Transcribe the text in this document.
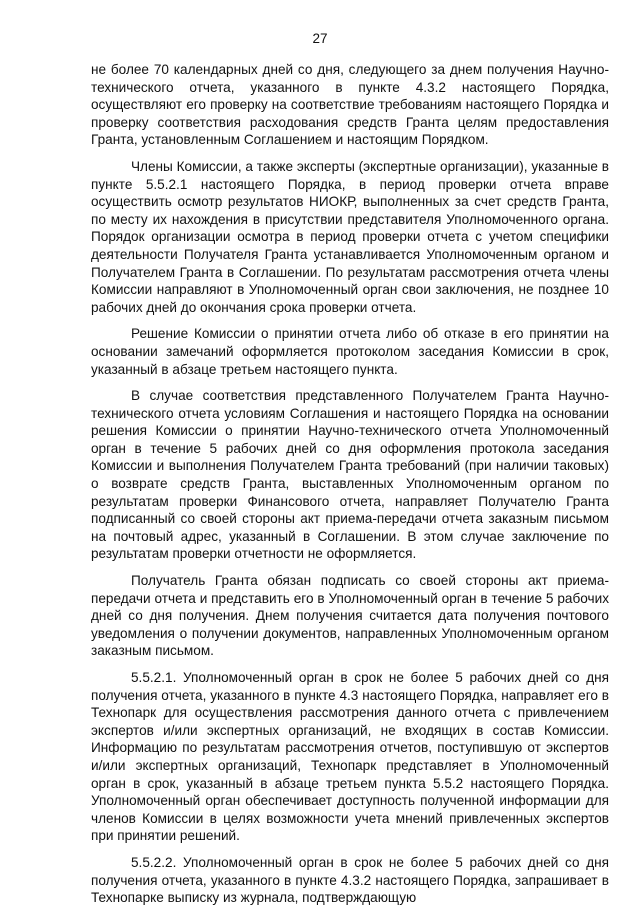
27

не более 70 календарных дней со дня, следующего за днем получения Научно-технического отчета, указанного в пункте 4.3.2 настоящего Порядка, осуществляют его проверку на соответствие требованиям настоящего Порядка и проверку соответствия расходования средств Гранта целям предоставления Гранта, установленным Соглашением и настоящим Порядком.

Члены Комиссии, а также эксперты (экспертные организации), указанные в пункте 5.5.2.1 настоящего Порядка, в период проверки отчета вправе осуществить осмотр результатов НИОКР, выполненных за счет средств Гранта, по месту их нахождения в присутствии представителя Уполномоченного органа. Порядок организации осмотра в период проверки отчета с учетом специфики деятельности Получателя Гранта устанавливается Уполномоченным органом и Получателем Гранта в Соглашении. По результатам рассмотрения отчета члены Комиссии направляют в Уполномоченный орган свои заключения, не позднее 10 рабочих дней до окончания срока проверки отчета.

Решение Комиссии о принятии отчета либо об отказе в его принятии на основании замечаний оформляется протоколом заседания Комиссии в срок, указанный в абзаце третьем настоящего пункта.

В случае соответствия представленного Получателем Гранта Научно-технического отчета условиям Соглашения и настоящего Порядка на основании решения Комиссии о принятии Научно-технического отчета Уполномоченный орган в течение 5 рабочих дней со дня оформления протокола заседания Комиссии и выполнения Получателем Гранта требований (при наличии таковых) о возврате средств Гранта, выставленных Уполномоченным органом по результатам проверки Финансового отчета, направляет Получателю Гранта подписанный со своей стороны акт приема-передачи отчета заказным письмом на почтовый адрес, указанный в Соглашении. В этом случае заключение по результатам проверки отчетности не оформляется.

Получатель Гранта обязан подписать со своей стороны акт приема-передачи отчета и представить его в Уполномоченный орган в течение 5 рабочих дней со дня получения. Днем получения считается дата получения почтового уведомления о получении документов, направленных Уполномоченным органом заказным письмом.

5.5.2.1. Уполномоченный орган в срок не более 5 рабочих дней со дня получения отчета, указанного в пункте 4.3 настоящего Порядка, направляет его в Технопарк для осуществления рассмотрения данного отчета с привлечением экспертов и/или экспертных организаций, не входящих в состав Комиссии. Информацию по результатам рассмотрения отчетов, поступившую от экспертов и/или экспертных организаций, Технопарк представляет в Уполномоченный орган в срок, указанный в абзаце третьем пункта 5.5.2 настоящего Порядка. Уполномоченный орган обеспечивает доступность полученной информации для членов Комиссии в целях возможности учета мнений привлеченных экспертов при принятии решений.

5.5.2.2. Уполномоченный орган в срок не более 5 рабочих дней со дня получения отчета, указанного в пункте 4.3.2 настоящего Порядка, запрашивает в Технопарке выписку из журнала, подтверждающую
